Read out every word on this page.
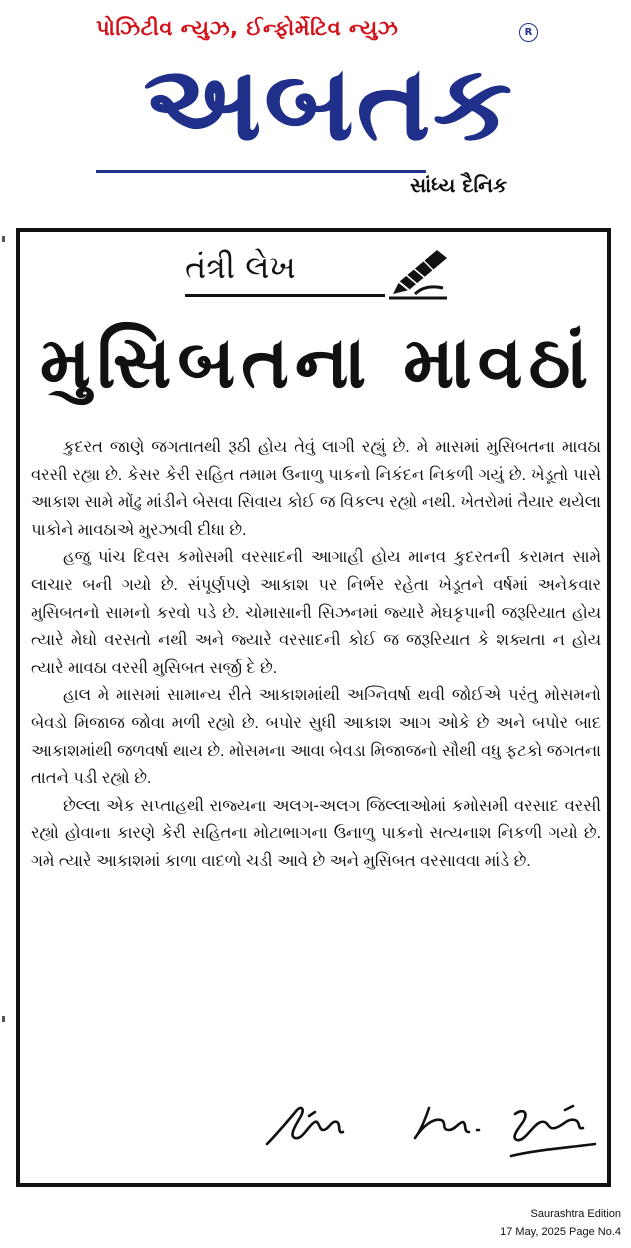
પોઝિટીવ ન્યુઝ, ઈન્ફોર્મેટિવ ન્યુઝ	R
અબતક
સાંધ્ય દૈનિક
તંત્રી લેખ
મુસિબતના માવઠાં

કુદરત જાણે જગતાતથી રૂઠી હોય તેવું લાગી રહ્યું છે. મે માસમાં મુસિબતના માવઠા વરસી રહ્યા છે. કેસર કેરી સહિત તમામ ઉનાળુ પાકનો નિકંદન નિકળી ગયું છે. ખેડૂતો પાસે આકાશ સામે મોંઢુ માંડીને બેસવા સિવાય કોઈ જ વિકલ્પ રહ્યો નથી. ખેતરોમાં તૈયાર થયેલા પાકોને માવઠાએ મુરઝાવી દીધા છે.

હજુ પાંચ દિવસ કમોસમી વરસાદની આગાહી હોય માનવ કુદરતની કરામત સામે લાચાર બની ગયો છે. સંપૂર્ણપણે આકાશ પર નિર્ભર રહેતા ખેડૂતને વર્ષમાં અનેકવાર મુસિબતનો સામનો કરવો પડે છે. ચોમાસાની સિઝનમાં જ્યારે મેઘકૃપાની જરૂરિયાત હોય ત્યારે મેઘો વરસતો નથી અને જ્યારે વરસાદની કોઈ જ જરૂરિયાત કે શક્યતા ન હોય ત્યારે માવઠા વરસી મુસિબત સર્જી દે છે.

હાલ મે માસમાં સામાન્ય રીતે આકાશમાંથી અગ્નિવર્ષા થવી જોઈએ પરંતુ મોસમનો બેવડો મિજાજ જોવા મળી રહ્યો છે. બપોર સુધી આકાશ આગ ઓકે છે અને બપોર બાદ આકાશમાંથી જળવર્ષા થાય છે. મોસમના આવા બેવડા મિજાજનો સૌથી વધુ ફટકો જગતના તાતને પડી રહ્યો છે.

છેલ્લા એક સપ્તાહથી રાજ્યના અલગ-અલગ જિલ્લાઓમાં કમોસમી વરસાદ વરસી રહ્યો હોવાના કારણે કેરી સહિતના મોટાભાગના ઉનાળુ પાકનો સત્યનાશ નિકળી ગયો છે. ગમે ત્યારે આકાશમાં કાળા વાદળો ચડી આવે છે અને મુસિબત વરસાવવા માંડે છે.

Saurashtra Edition
17 May, 2025 Page No.4
